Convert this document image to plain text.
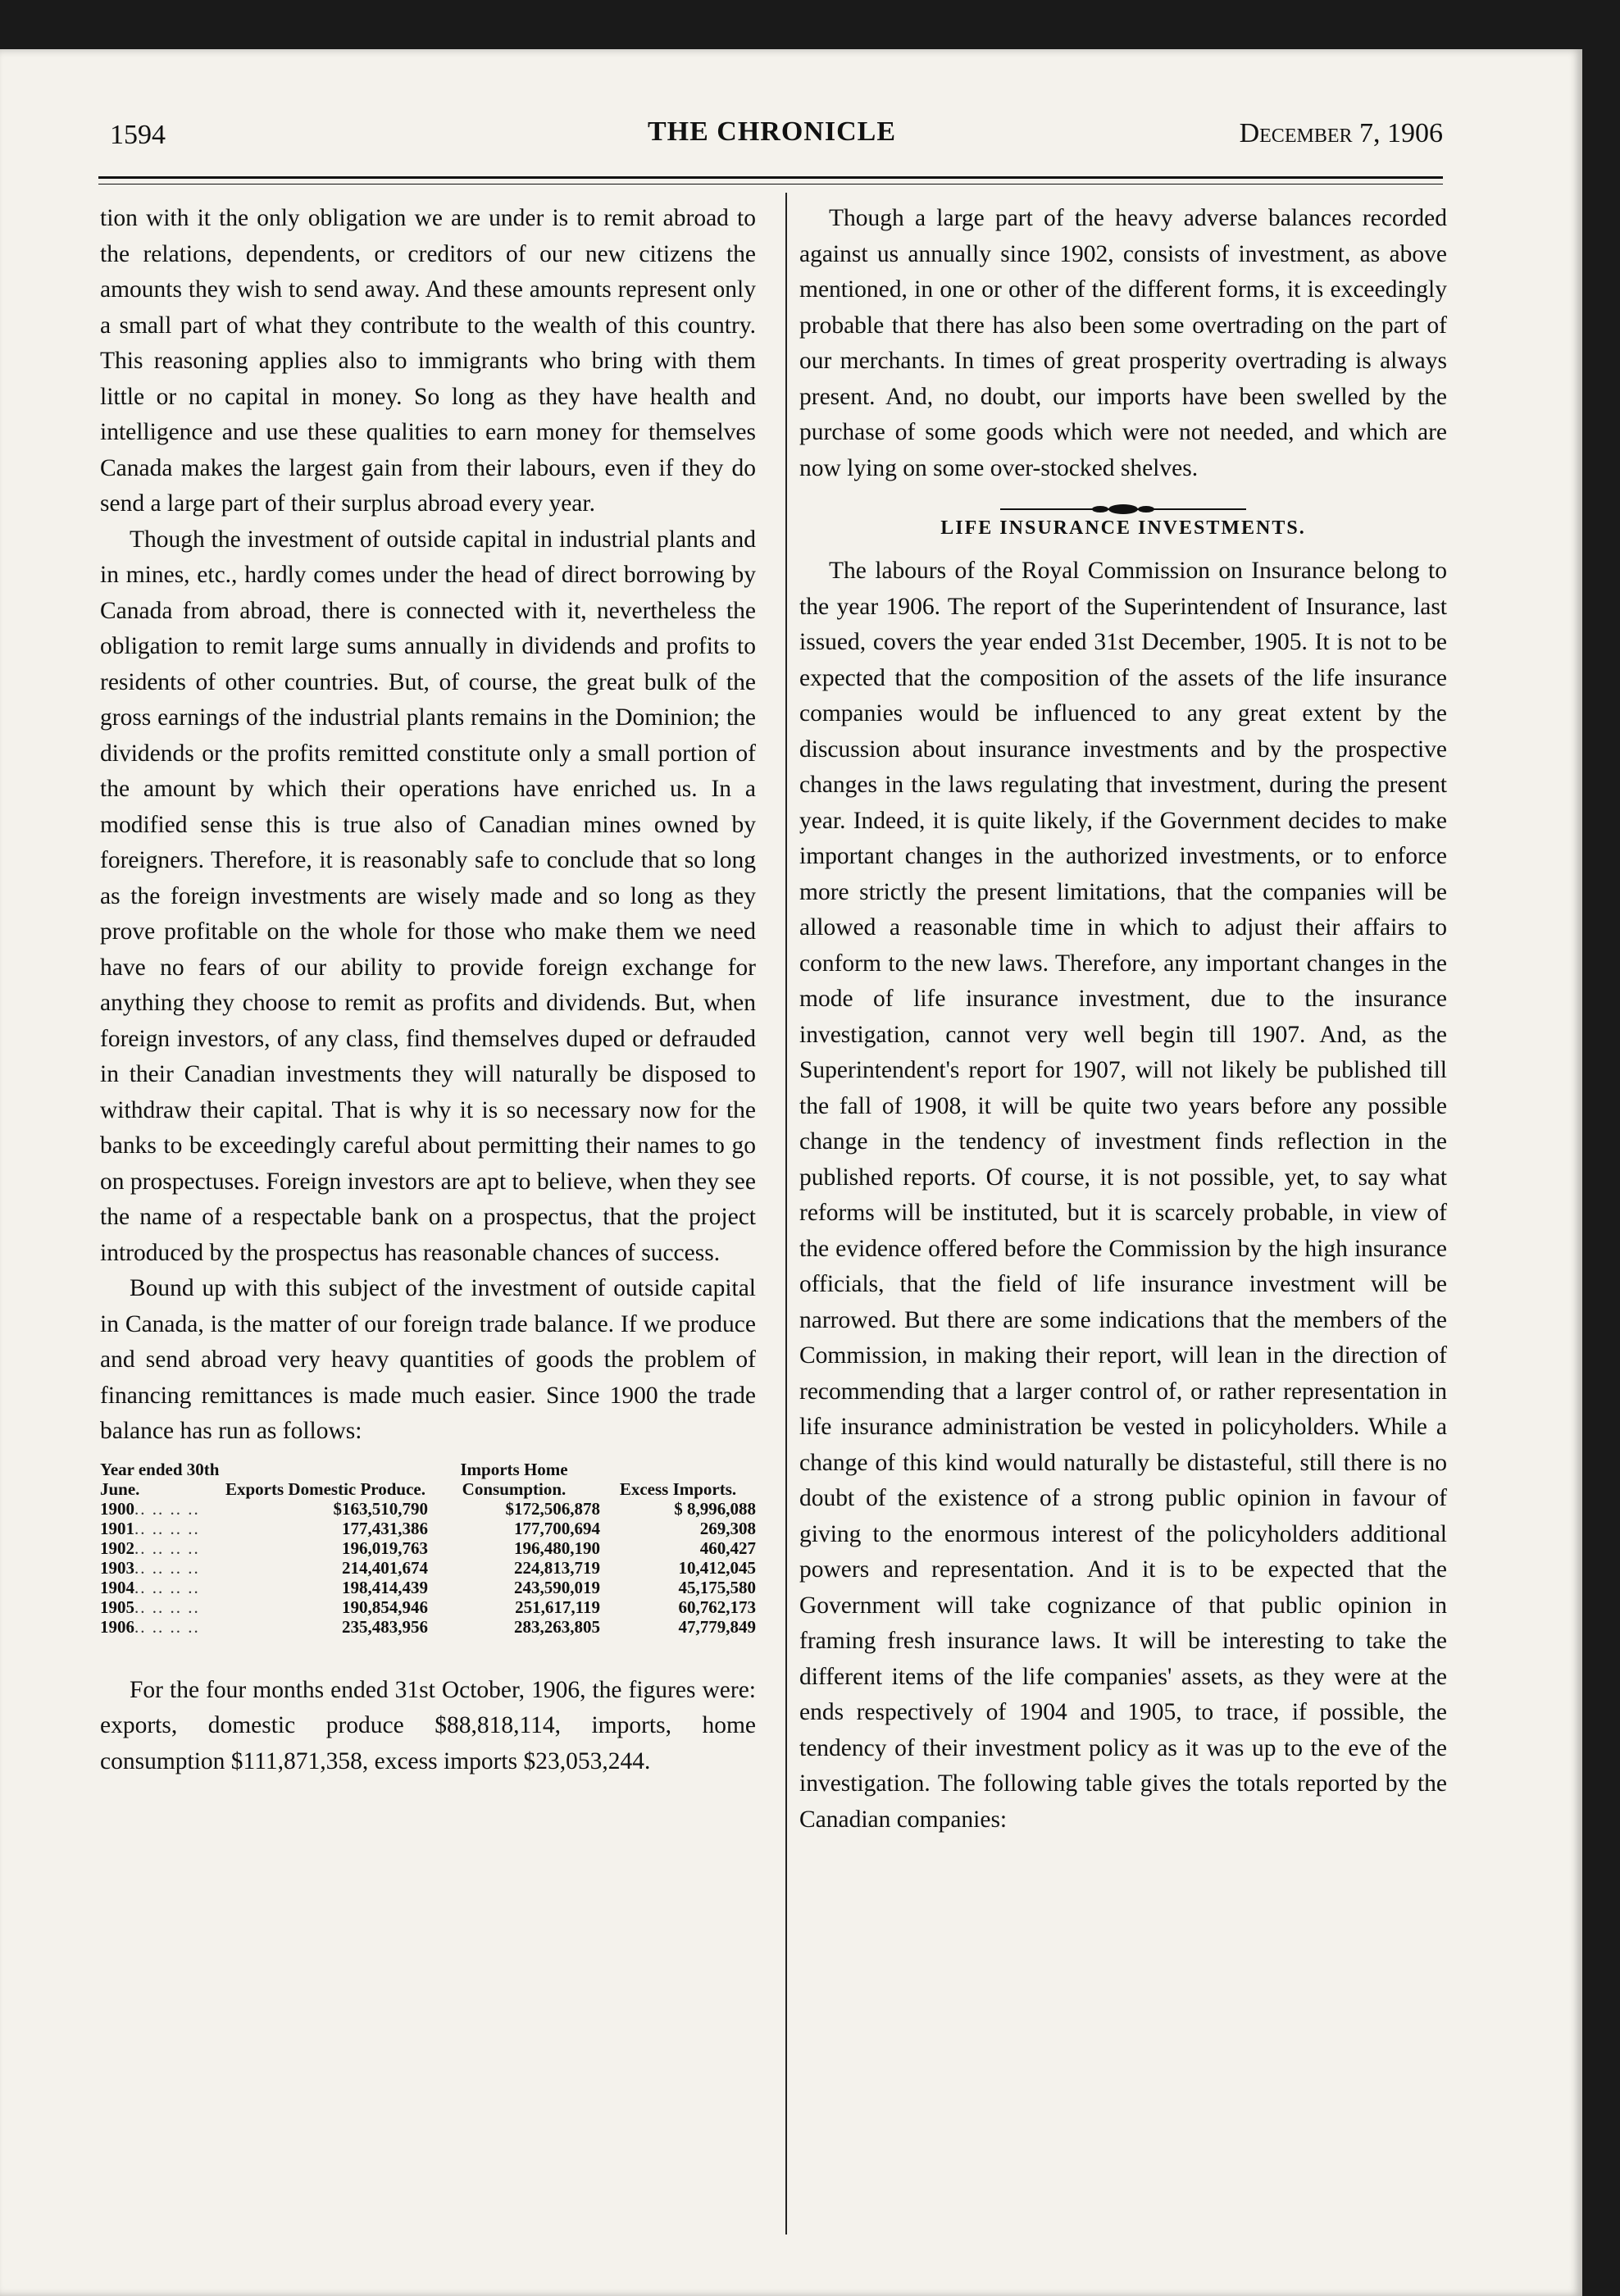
1594	THE CHRONICLE	December 7, 1906

tion with it the only obligation we are under is to remit abroad to the relations, dependents, or creditors of our new citizens the amounts they wish to send away. And these amounts represent only a small part of what they contribute to the wealth of this country. This reasoning applies also to immigrants who bring with them little or no capital in money. So long as they have health and intelligence and use these qualities to earn money for themselves Canada makes the largest gain from their labours, even if they do send a large part of their surplus abroad every year.

Though the investment of outside capital in industrial plants and in mines, etc., hardly comes under the head of direct borrowing by Canada from abroad, there is connected with it, nevertheless the obligation to remit large sums annually in dividends and profits to residents of other countries. But, of course, the great bulk of the gross earnings of the industrial plants remains in the Dominion; the dividends or the profits remitted constitute only a small portion of the amount by which their operations have enriched us. In a modified sense this is true also of Canadian mines owned by foreigners. Therefore, it is reasonably safe to conclude that so long as the foreign investments are wisely made and so long as they prove profitable on the whole for those who make them we need have no fears of our ability to provide foreign exchange for anything they choose to remit as profits and dividends. But, when foreign investors, of any class, find themselves duped or defrauded in their Canadian investments they will naturally be disposed to withdraw their capital. That is why it is so necessary now for the banks to be exceedingly careful about permitting their names to go on prospectuses. Foreign investors are apt to believe, when they see the name of a respectable bank on a prospectus, that the project introduced by the prospectus has reasonable chances of success.

Bound up with this subject of the investment of outside capital in Canada, is the matter of our foreign trade balance. If we produce and send abroad very heavy quantities of goods the problem of financing remittances is made much easier. Since 1900 the trade balance has run as follows:

Year ended 30th June.	Exports Domestic Produce.	Imports Home Consumption.	Excess Imports.
1900.. .. .. ..	$163,510,790	$172,506,878	$ 8,996,088
1901.. .. .. ..	177,431,386	177,700,694	269,308
1902.. .. .. ..	196,019,763	196,480,190	460,427
1903.. .. .. ..	214,401,674	224,813,719	10,412,045
1904.. .. .. ..	198,414,439	243,590,019	45,175,580
1905.. .. .. ..	190,854,946	251,617,119	60,762,173
1906.. .. .. ..	235,483,956	283,263,805	47,779,849

For the four months ended 31st October, 1906, the figures were: exports, domestic produce $88,818,114, imports, home consumption $111,871,358, excess imports $23,053,244.

Though a large part of the heavy adverse balances recorded against us annually since 1902, consists of investment, as above mentioned, in one or other of the different forms, it is exceedingly probable that there has also been some overtrading on the part of our merchants. In times of great prosperity overtrading is always present. And, no doubt, our imports have been swelled by the purchase of some goods which were not needed, and which are now lying on some over-stocked shelves.

LIFE INSURANCE INVESTMENTS.

The labours of the Royal Commission on Insurance belong to the year 1906. The report of the Superintendent of Insurance, last issued, covers the year ended 31st December, 1905. It is not to be expected that the composition of the assets of the life insurance companies would be influenced to any great extent by the discussion about insurance investments and by the prospective changes in the laws regulating that investment, during the present year. Indeed, it is quite likely, if the Government decides to make important changes in the authorized investments, or to enforce more strictly the present limitations, that the companies will be allowed a reasonable time in which to adjust their affairs to conform to the new laws. Therefore, any important changes in the mode of life insurance investment, due to the insurance investigation, cannot very well begin till 1907. And, as the Superintendent's report for 1907, will not likely be published till the fall of 1908, it will be quite two years before any possible change in the tendency of investment finds reflection in the published reports. Of course, it is not possible, yet, to say what reforms will be instituted, but it is scarcely probable, in view of the evidence offered before the Commission by the high insurance officials, that the field of life insurance investment will be narrowed. But there are some indications that the members of the Commission, in making their report, will lean in the direction of recommending that a larger control of, or rather representation in life insurance administration be vested in policyholders. While a change of this kind would naturally be distasteful, still there is no doubt of the existence of a strong public opinion in favour of giving to the enormous interest of the policyholders additional powers and representation. And it is to be expected that the Government will take cognizance of that public opinion in framing fresh insurance laws. It will be interesting to take the different items of the life companies' assets, as they were at the ends respectively of 1904 and 1905, to trace, if possible, the tendency of their investment policy as it was up to the eve of the investigation. The following table gives the totals reported by the Canadian companies:
